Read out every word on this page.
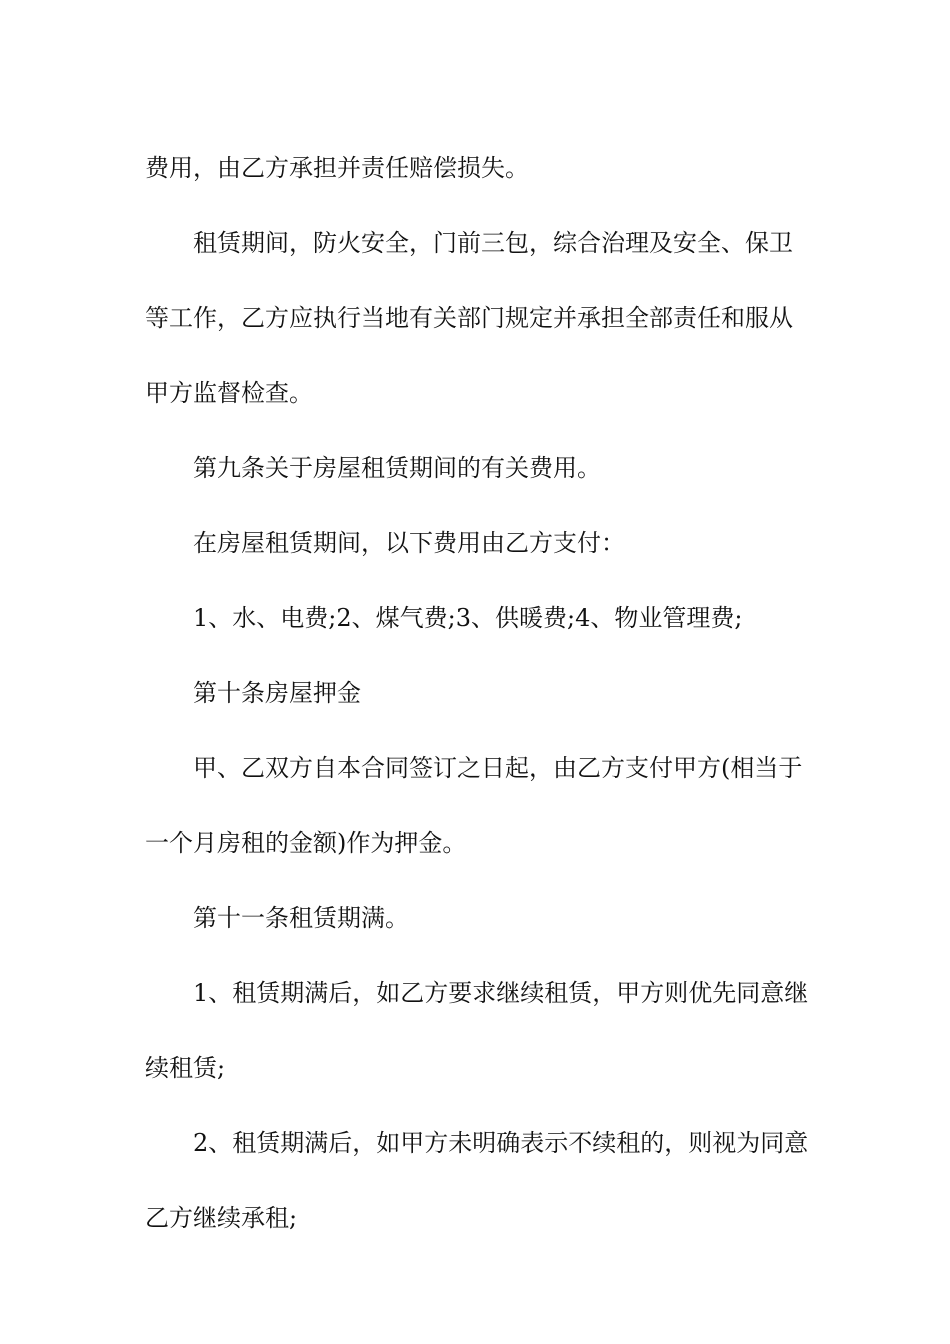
费用，由乙方承担并责任赔偿损失。

租赁期间，防火安全，门前三包，综合治理及安全、保卫等工作，乙方应执行当地有关部门规定并承担全部责任和服从甲方监督检查。

第九条关于房屋租赁期间的有关费用。

在房屋租赁期间，以下费用由乙方支付：

1、水、电费;2、煤气费;3、供暖费;4、物业管理费;

第十条房屋押金

甲、乙双方自本合同签订之日起，由乙方支付甲方(相当于一个月房租的金额)作为押金。

第十一条租赁期满。

1、租赁期满后，如乙方要求继续租赁，甲方则优先同意继续租赁;

2、租赁期满后，如甲方未明确表示不续租的，则视为同意乙方继续承租;
